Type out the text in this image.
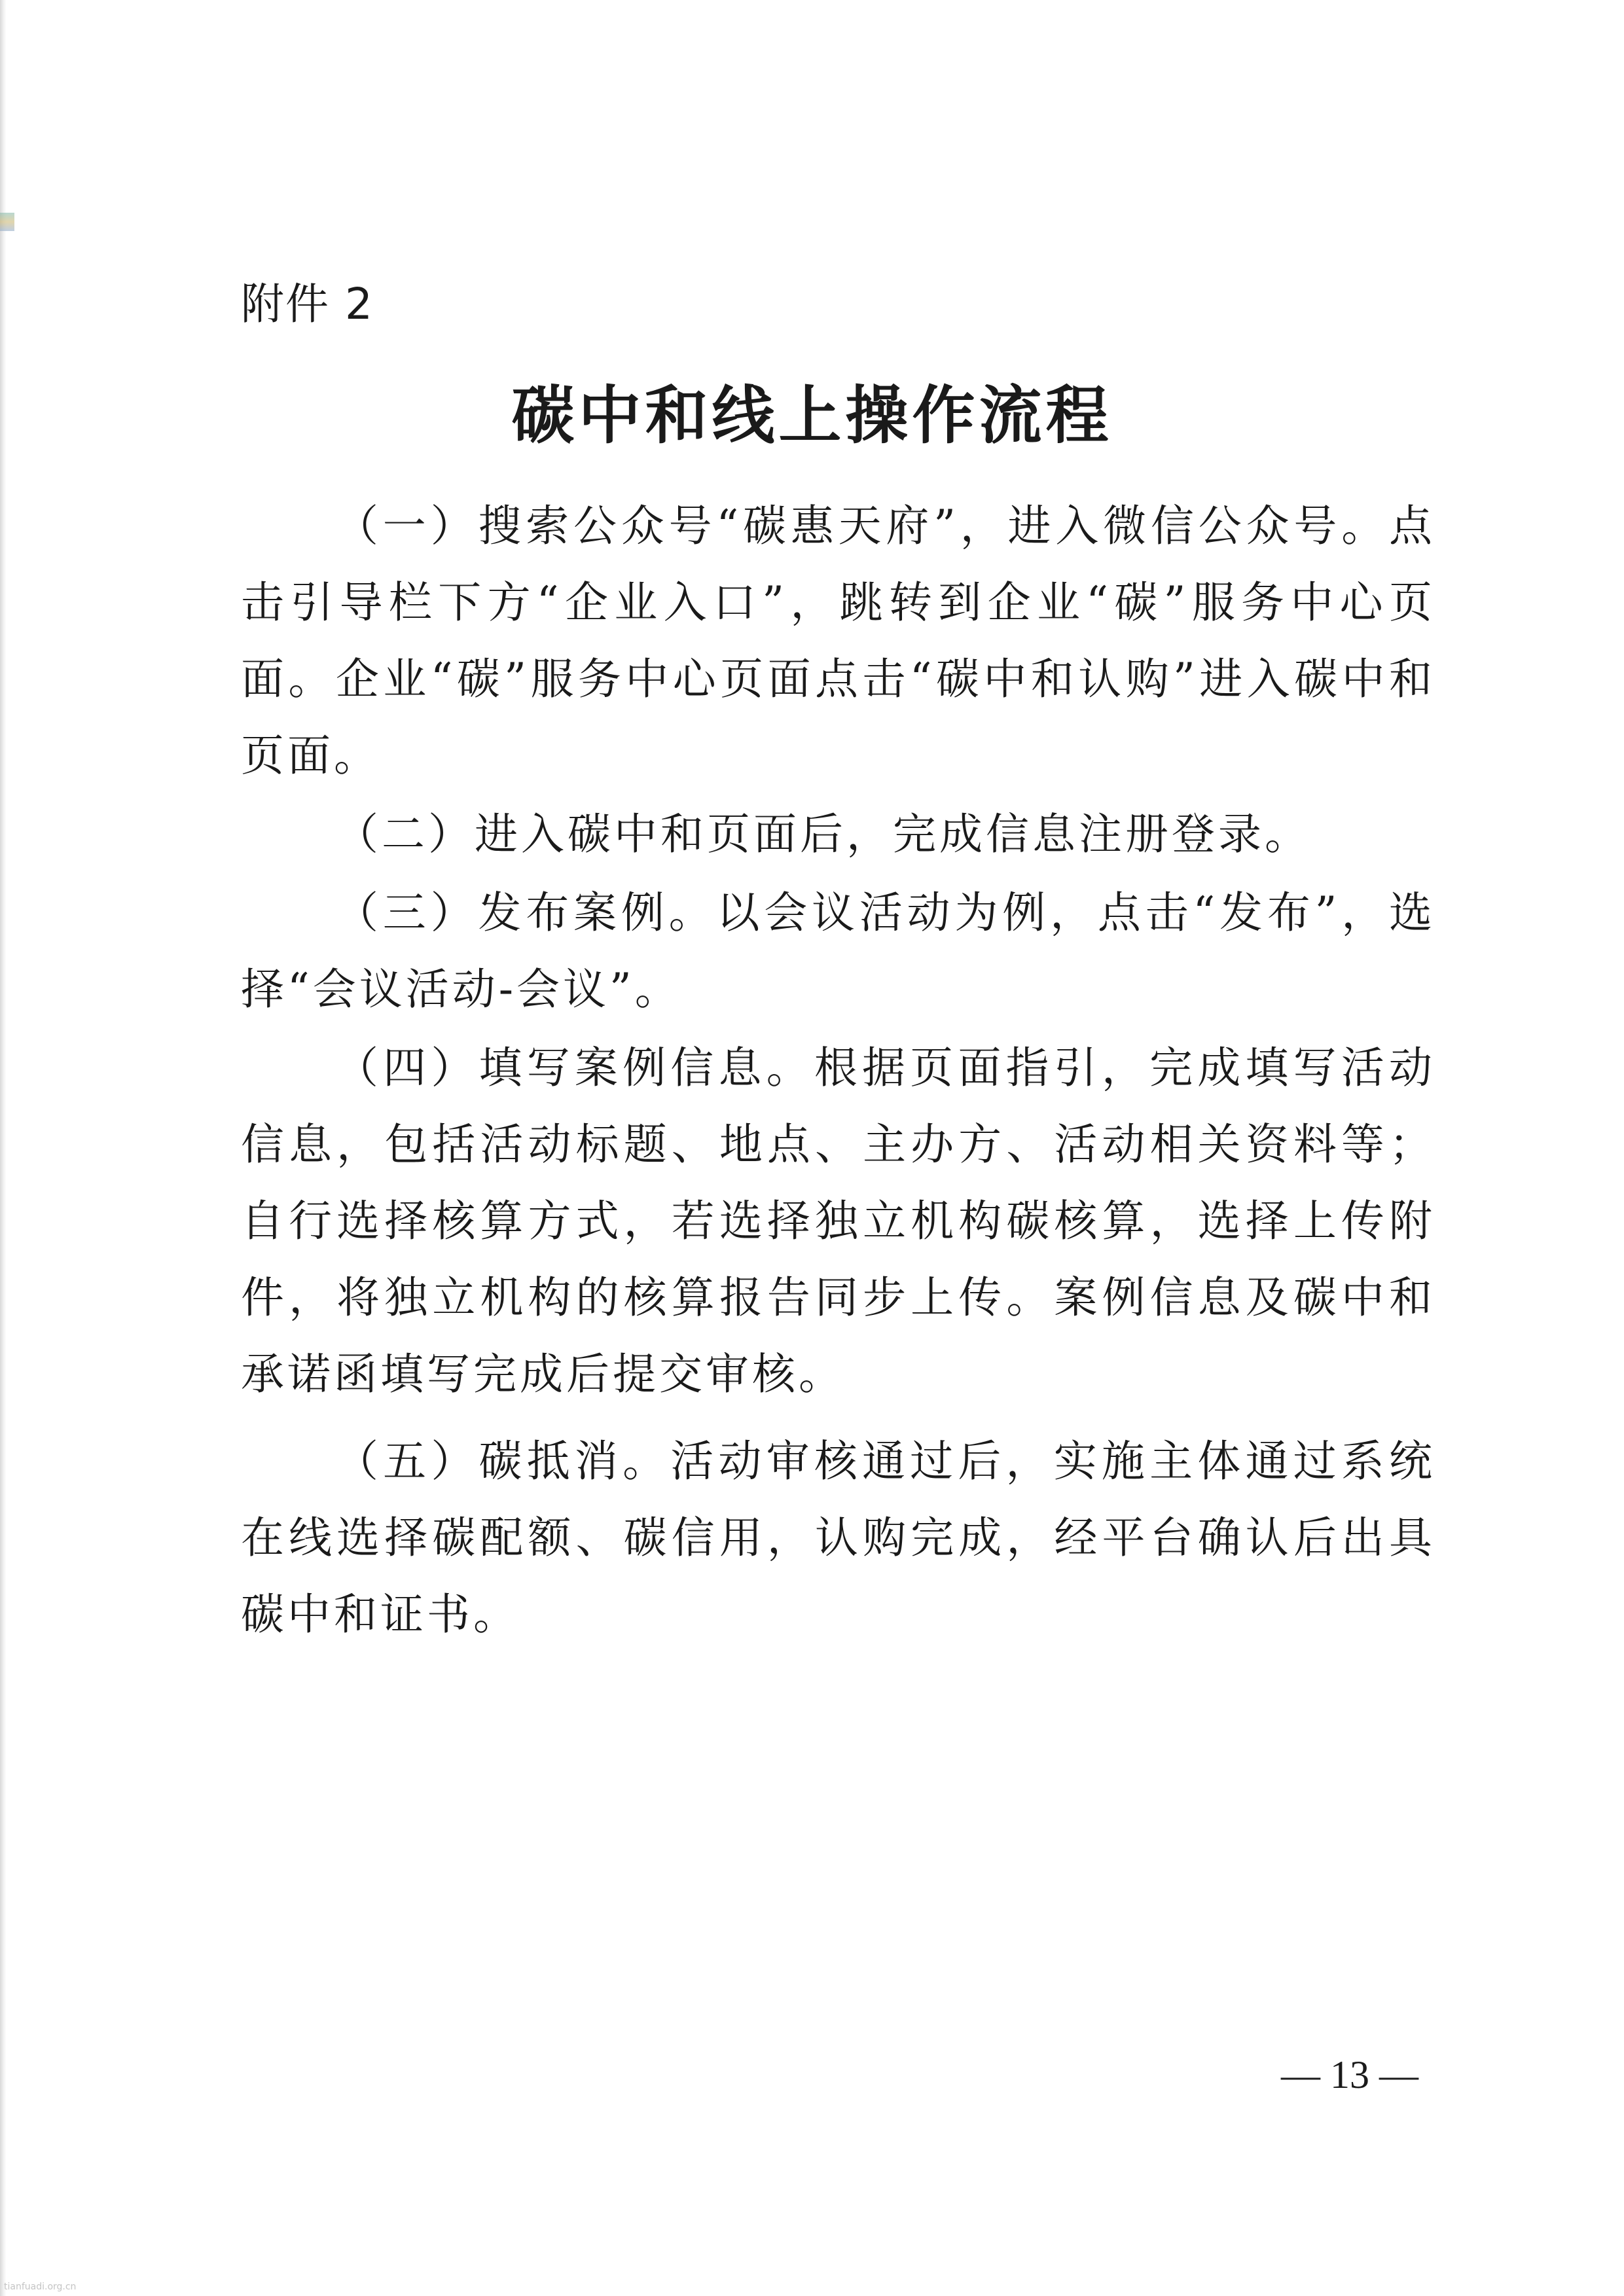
附件 2
碳中和线上操作流程

（一）搜索公众号“碳惠天府”，进入微信公众号。点击引导栏下方“企业入口”，跳转到企业“碳”服务中心页面。企业“碳”服务中心页面点击“碳中和认购”进入碳中和页面。

（二）进入碳中和页面后，完成信息注册登录。

（三）发布案例。以会议活动为例，点击“发布”，选择“会议活动-会议”。

（四）填写案例信息。根据页面指引，完成填写活动信息，包括活动标题、地点、主办方、活动相关资料等；自行选择核算方式，若选择独立机构碳核算，选择上传附件，将独立机构的核算报告同步上传。案例信息及碳中和承诺函填写完成后提交审核。

（五）碳抵消。活动审核通过后，实施主体通过系统在线选择碳配额、碳信用，认购完成，经平台确认后出具碳中和证书。

— 13 —
tianfuadi.org.cn
